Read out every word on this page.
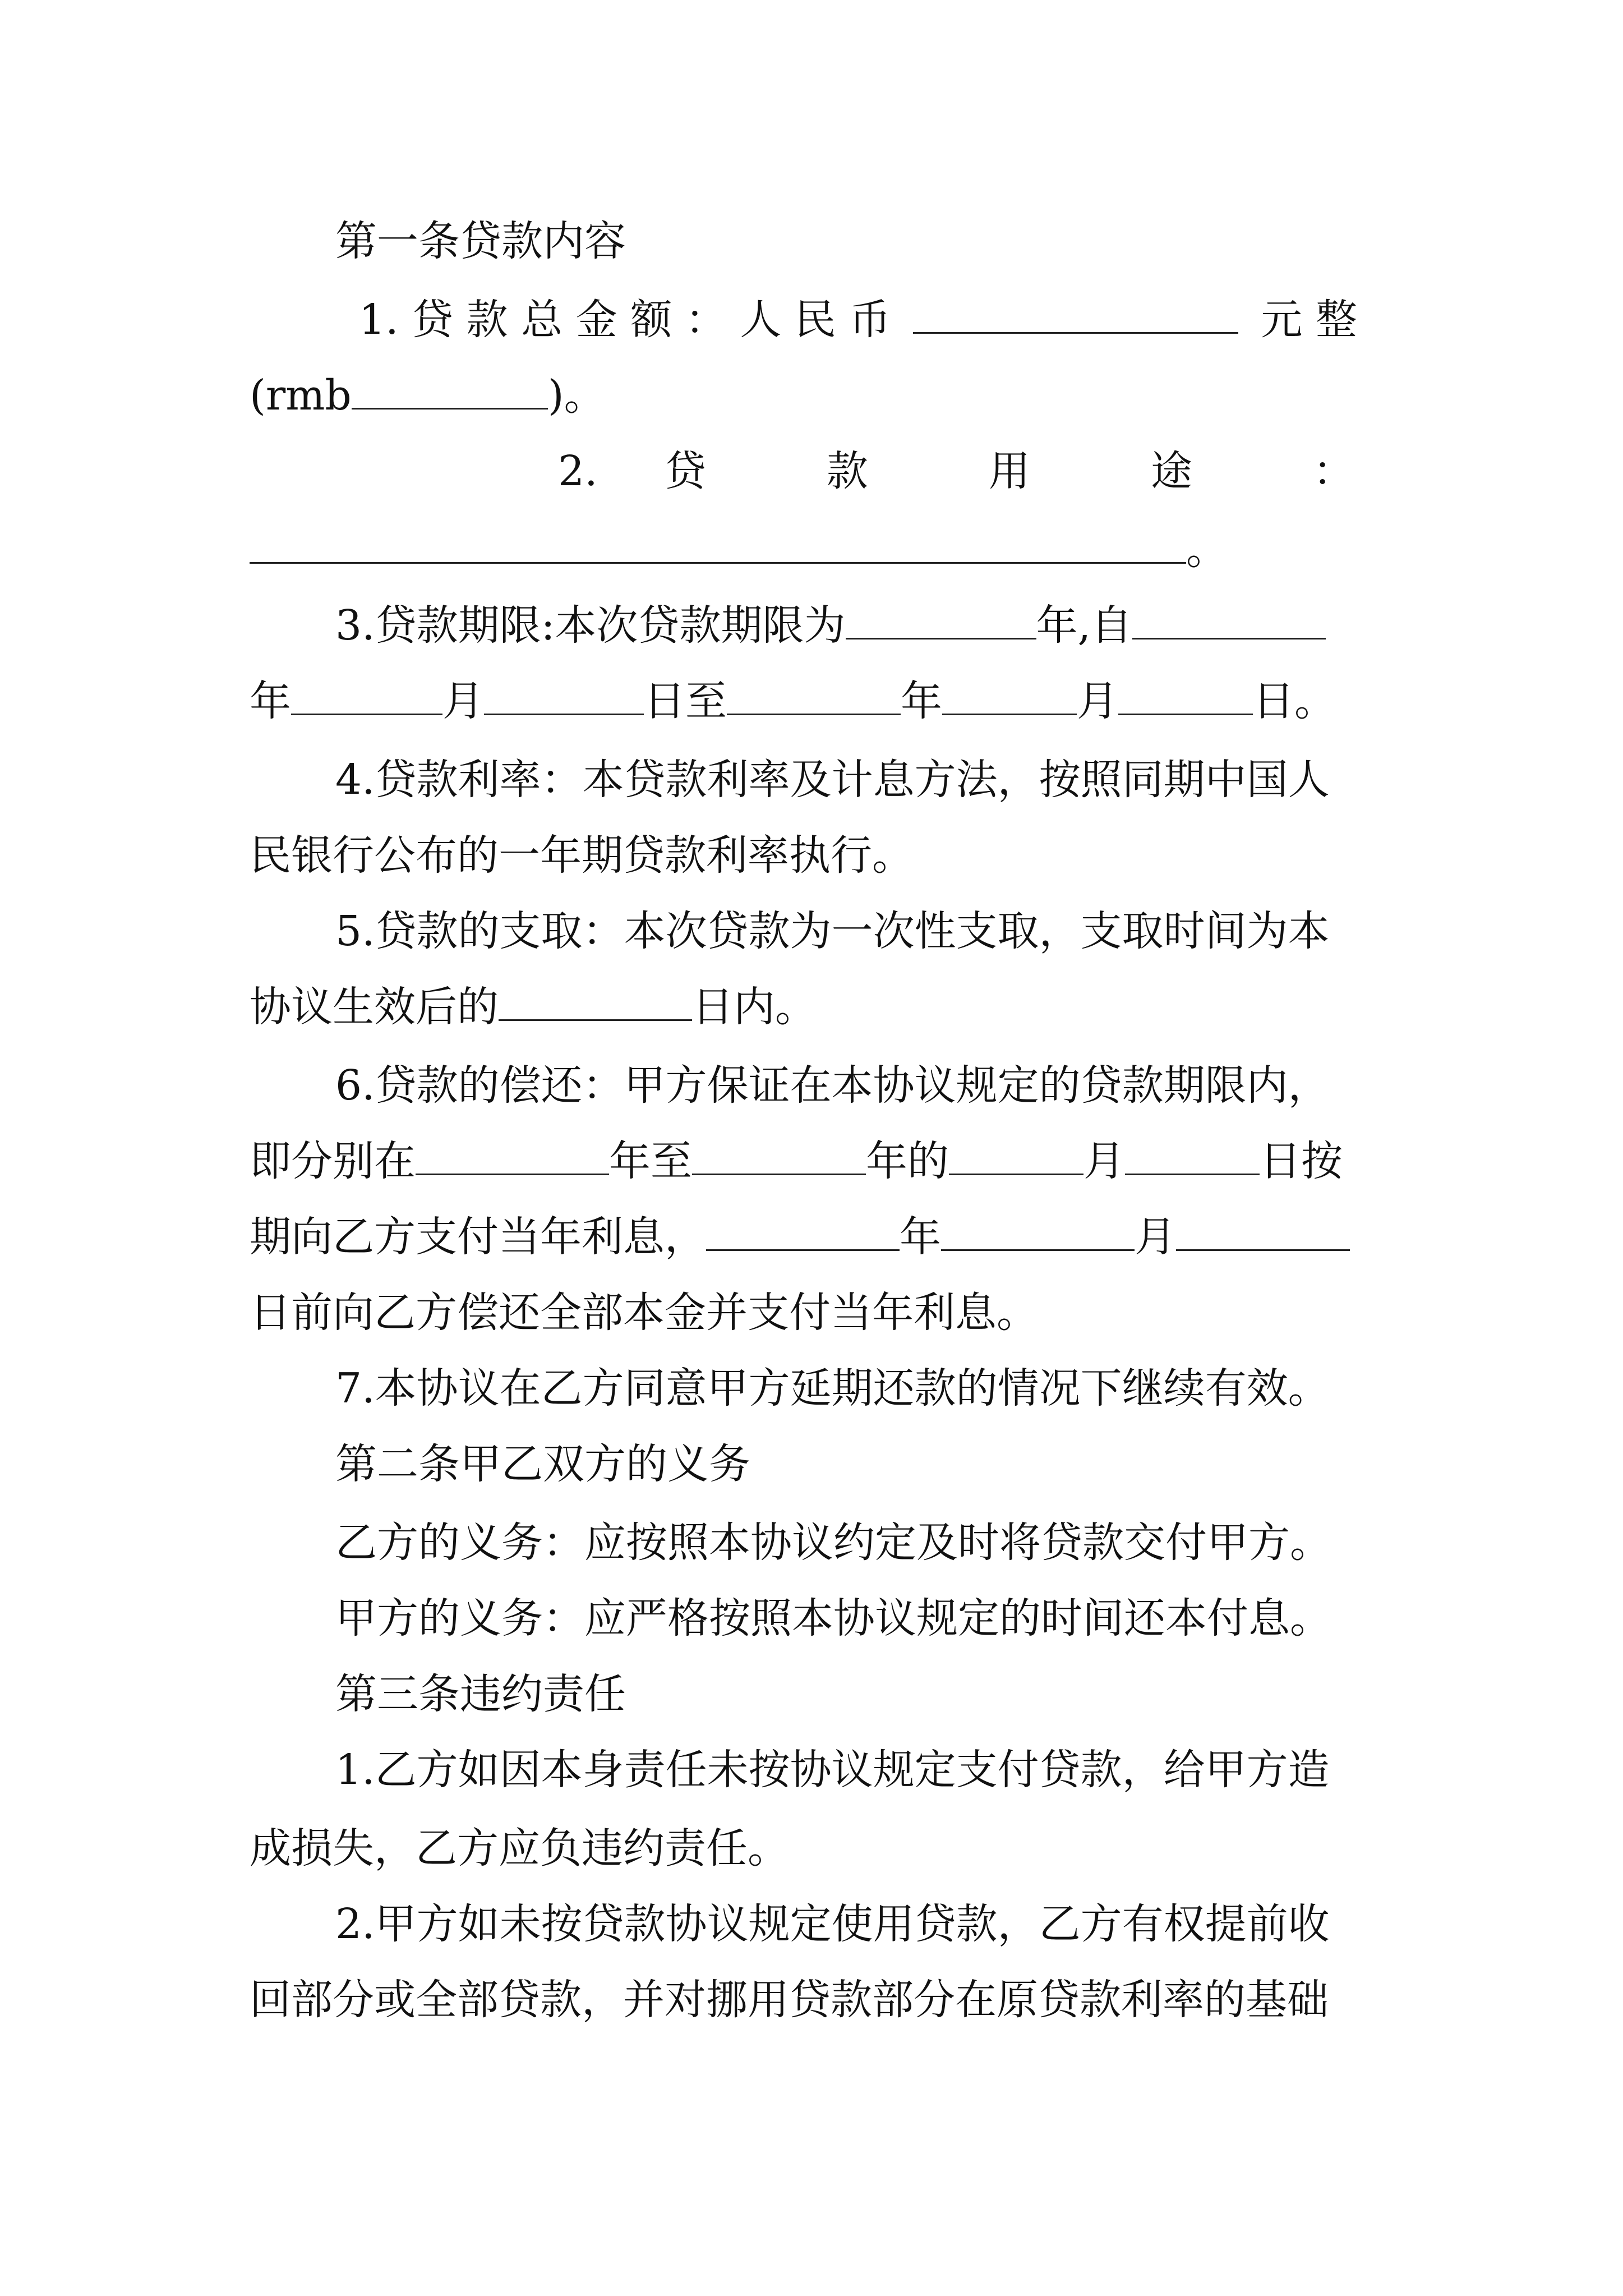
第一条贷款内容
1. 贷 款 总 金 额 ： 人 民 币	元 整
(rmb	)。
2. 贷 款 用 途 ：
。
3.贷款期限:本次贷款期限为	年,自
年	月	日至	年	月	日。
4.贷款利率：本贷款利率及计息方法，按照同期中国人
民银行公布的一年期贷款利率执行。
5.贷款的支取：本次贷款为一次性支取，支取时间为本
协议生效后的	日内。
6.贷款的偿还：甲方保证在本协议规定的贷款期限内，
即分别在	年至	年的	月	日按
期向乙方支付当年利息，	年	月
日前向乙方偿还全部本金并支付当年利息。
7.本协议在乙方同意甲方延期还款的情况下继续有效。
第二条甲乙双方的义务
乙方的义务：应按照本协议约定及时将贷款交付甲方。
甲方的义务：应严格按照本协议规定的时间还本付息。
第三条违约责任
1.乙方如因本身责任未按协议规定支付贷款，给甲方造
成损失，乙方应负违约责任。
2.甲方如未按贷款协议规定使用贷款，乙方有权提前收
回部分或全部贷款，并对挪用贷款部分在原贷款利率的基础
